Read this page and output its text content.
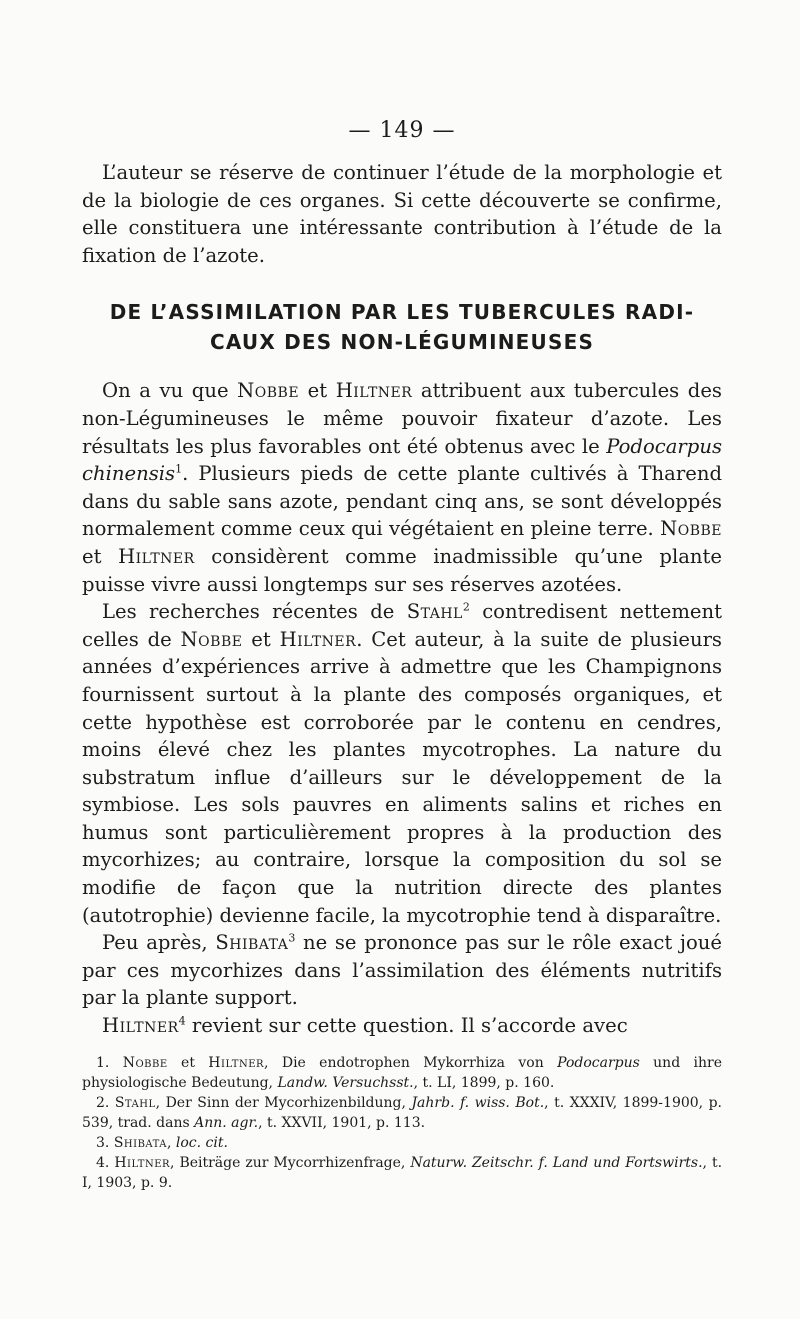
— 149 —

L’auteur se réserve de continuer l’étude de la morphologie et de la biologie de ces organes. Si cette découverte se confirme, elle constituera une intéressante contribution à l’étude de la fixation de l’azote.

DE L’ASSIMILATION PAR LES TUBERCULES RADI-
CAUX DES NON-LÉGUMINEUSES

On a vu que Nobbe et Hiltner attribuent aux tubercules des non-Légumineuses le même pouvoir fixateur d’azote. Les résultats les plus favorables ont été obtenus avec le Podocarpus chinensis$^1$. Plusieurs pieds de cette plante cultivés à Tharend dans du sable sans azote, pendant cinq ans, se sont développés normalement comme ceux qui végétaient en pleine terre. Nobbe et Hiltner considèrent comme inadmissible qu’une plante puisse vivre aussi longtemps sur ses réserves azotées.

Les recherches récentes de Stahl$^2$ contredisent nettement celles de Nobbe et Hiltner. Cet auteur, à la suite de plusieurs années d’expériences arrive à admettre que les Champignons fournissent surtout à la plante des composés organiques, et cette hypothèse est corroborée par le contenu en cendres, moins élevé chez les plantes mycotrophes. La nature du substratum influe d’ailleurs sur le développement de la symbiose. Les sols pauvres en aliments salins et riches en humus sont particulièrement propres à la production des mycorhizes; au contraire, lorsque la composition du sol se modifie de façon que la nutrition directe des plantes (autotrophie) devienne facile, la mycotrophie tend à disparaître.

Peu après, Shibata$^3$ ne se prononce pas sur le rôle exact joué par ces mycorhizes dans l’assimilation des éléments nutritifs par la plante support.

Hiltner$^4$ revient sur cette question. Il s’accorde avec

1. Nobbe et Hiltner, Die endotrophen Mykorrhiza von Podocarpus und ihre physiologische Bedeutung, Landw. Versuchsst., t. LI, 1899, p. 160.

2. Stahl, Der Sinn der Mycorhizenbildung, Jahrb. f. wiss. Bot., t. XXXIV, 1899-1900, p. 539, trad. dans Ann. agr., t. XXVII, 1901, p. 113.

3. Shibata, loc. cit.

4. Hiltner, Beiträge zur Mycorrhizenfrage, Naturw. Zeitschr. f. Land und Fortswirts., t. I, 1903, p. 9.
